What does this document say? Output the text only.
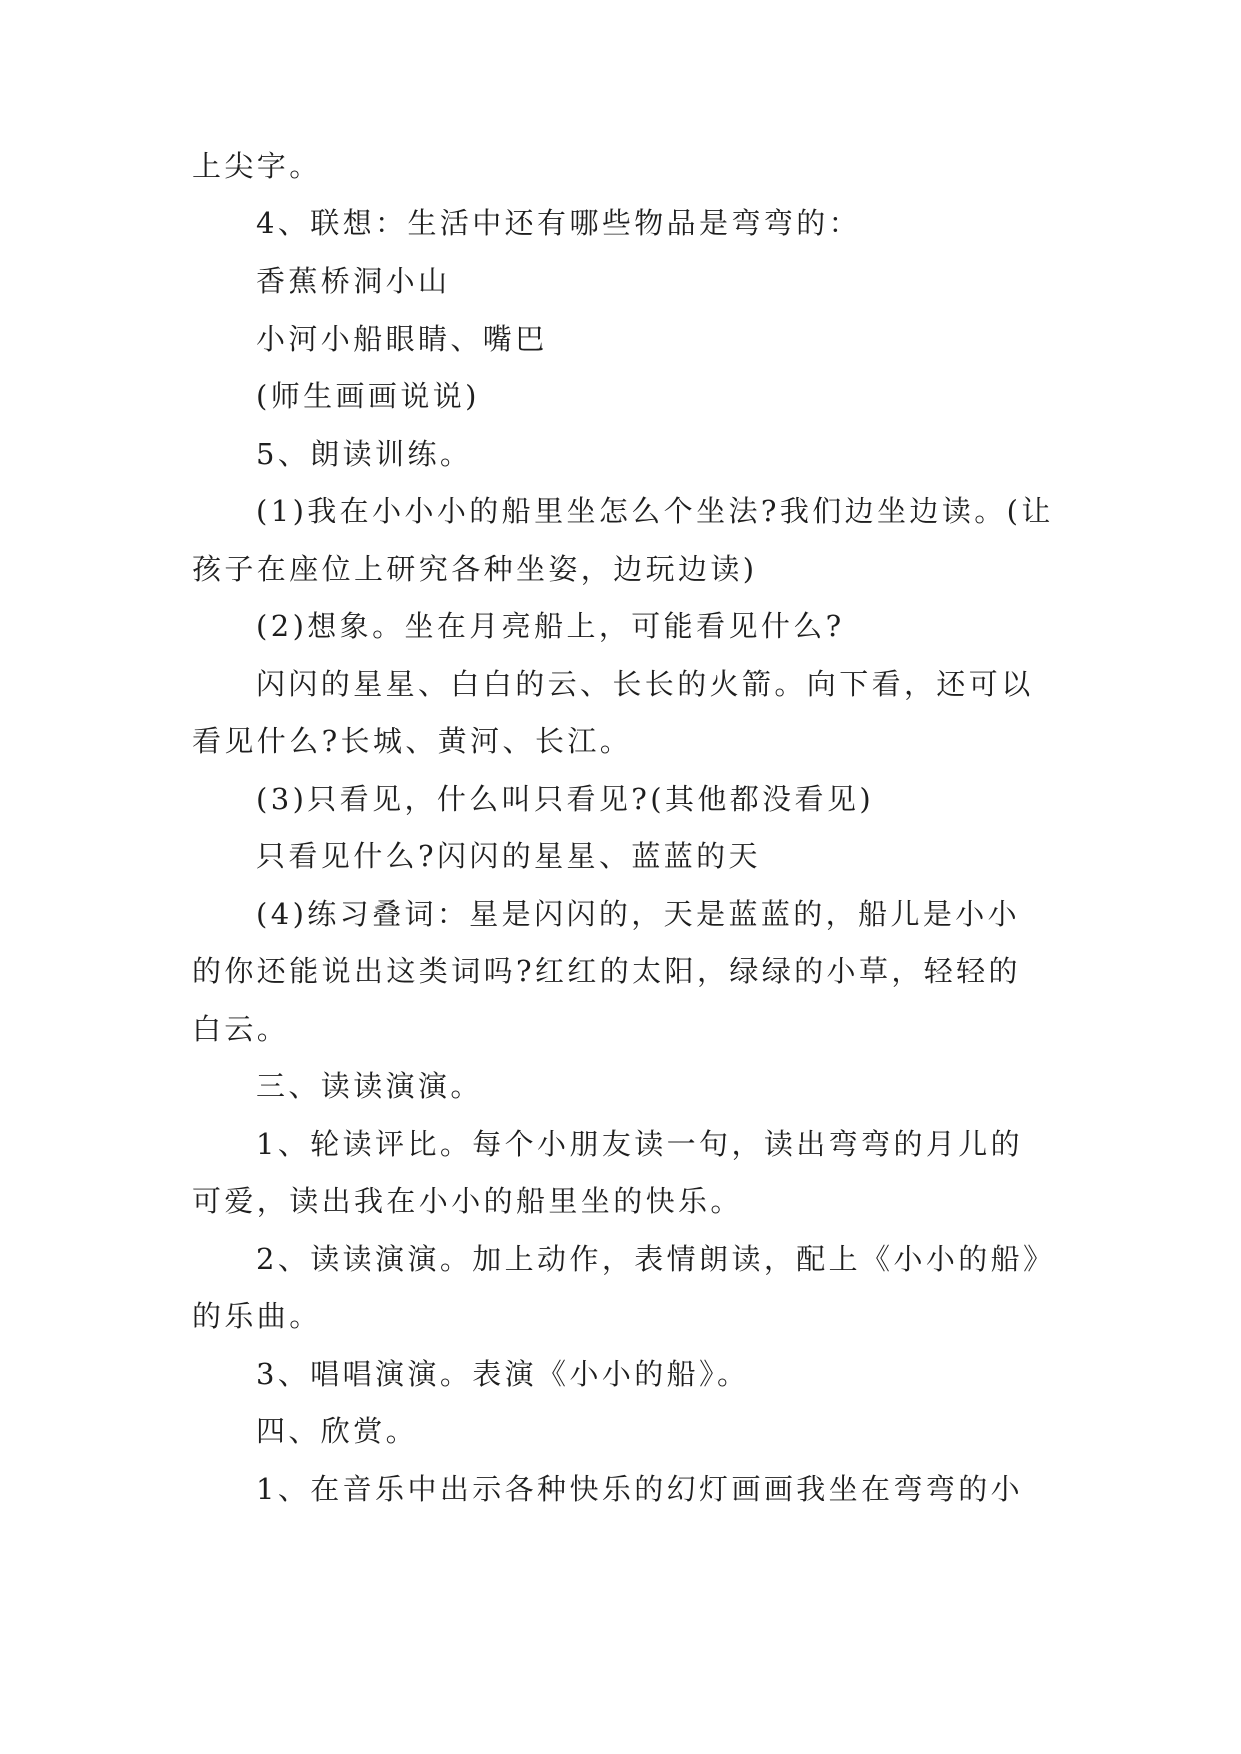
上尖字。

4、联想：生活中还有哪些物品是弯弯的：

香蕉桥洞小山

小河小船眼睛、嘴巴

(师生画画说说)

5、朗读训练。

(1)我在小小小的船里坐怎么个坐法?我们边坐边读。(让

孩子在座位上研究各种坐姿，边玩边读)

(2)想象。坐在月亮船上，可能看见什么?

闪闪的星星、白白的云、长长的火箭。向下看，还可以

看见什么?长城、黄河、长江。

(3)只看见，什么叫只看见?(其他都没看见)

只看见什么?闪闪的星星、蓝蓝的天

(4)练习叠词：星是闪闪的，天是蓝蓝的，船儿是小小

的你还能说出这类词吗?红红的太阳，绿绿的小草，轻轻的

白云。

三、读读演演。

1、轮读评比。每个小朋友读一句，读出弯弯的月儿的

可爱，读出我在小小的船里坐的快乐。

2、读读演演。加上动作，表情朗读，配上《小小的船》

的乐曲。

3、唱唱演演。表演《小小的船》。

四、欣赏。

1、在音乐中出示各种快乐的幻灯画画我坐在弯弯的小
